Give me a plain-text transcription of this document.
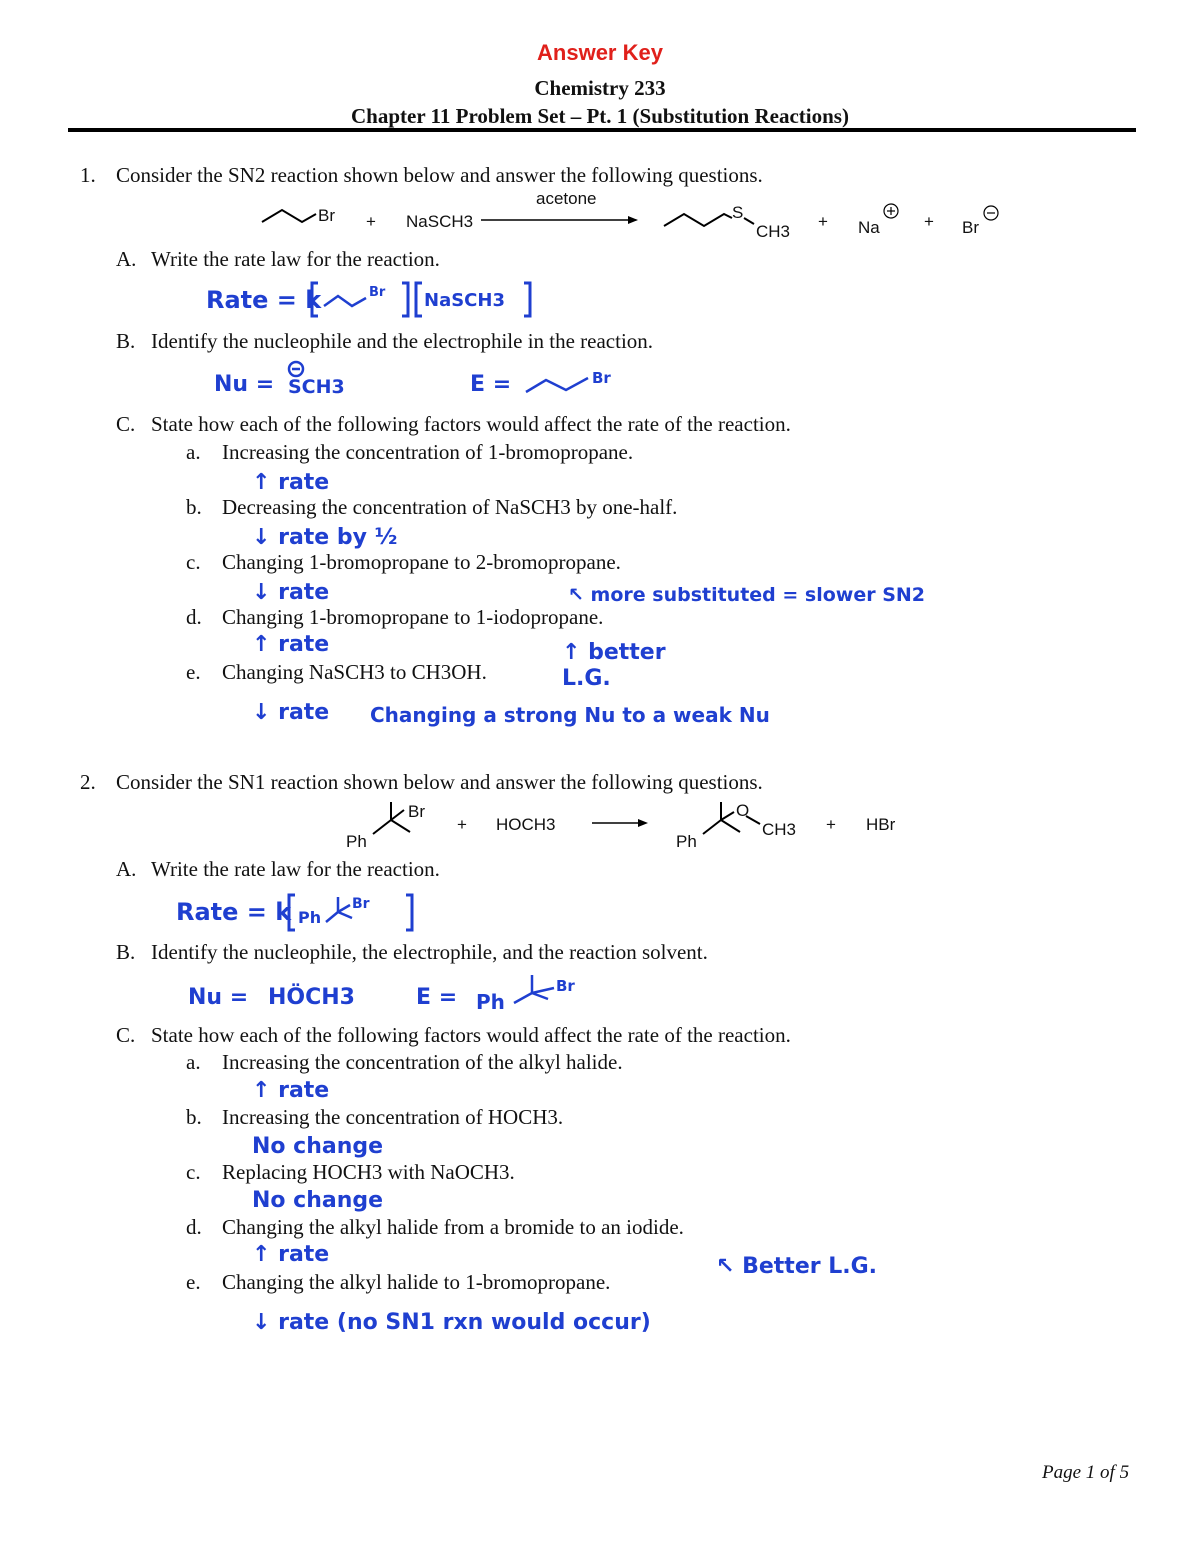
Answer Key
Chemistry 233
Chapter 11 Problem Set – Pt. 1 (Substitution Reactions)
1. Consider the SN2 reaction shown below and answer the following questions.
Br + NaSCH3
acetone
S
CH3
+ Na	+ Br
A. Write the rate law for the reaction.
Rate = k	Br NaSCH3
B. Identify the nucleophile and the electrophile in the reaction.
Nu = SCH3	E =	Br
C. State how each of the following factors would affect the rate of the reaction.
a. Increasing the concentration of 1-bromopropane.
↑ rate
b. Decreasing the concentration of NaSCH3 by one-half.
↓ rate by ½
c. Changing 1-bromopropane to 2-bromopropane.
↓ rate	↖ more substituted = slower SN2
d. Changing 1-bromopropane to 1-iodopropane.
↑ rate	↑ better L.G.
e. Changing NaSCH3 to CH3OH.
↓ rate Changing a strong Nu to a weak Nu
2. Consider the SN1 reaction shown below and answer the following questions.
Br
Ph
+ HOCH3
O
CH3
Ph
+ HBr
A. Write the rate law for the reaction.
Rate = k Ph
Br
B. Identify the nucleophile, the electrophile, and the reaction solvent.
Nu = HÖCH3	E = Ph
Br
C. State how each of the following factors would affect the rate of the reaction.
a. Increasing the concentration of the alkyl halide.
↑ rate
b. Increasing the concentration of HOCH3.
No change
c. Replacing HOCH3 with NaOCH3.
No change
d. Changing the alkyl halide from a bromide to an iodide.
↑ rate	↖ Better L.G.
e. Changing the alkyl halide to 1-bromopropane.
↓ rate (no SN1 rxn would occur)
Page 1 of 5
